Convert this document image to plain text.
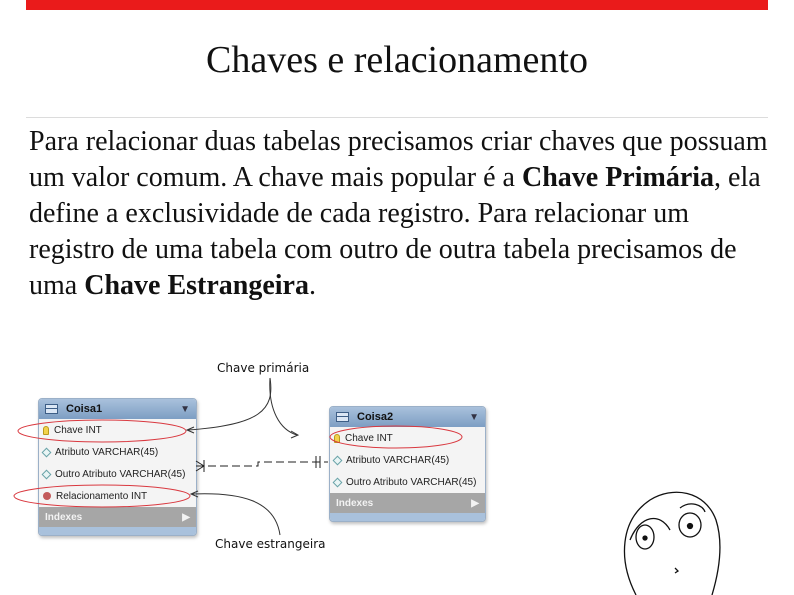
Chaves e relacionamento
Para relacionar duas tabelas precisamos criar chaves que possuam um valor comum. A chave mais popular é a Chave Primária, ela define a exclusividade de cada registro. Para relacionar um registro de uma tabela com outro de outra tabela precisamos de uma Chave Estrangeira.
Coisa1	▼
Chave INT
Atributo VARCHAR(45)
Outro Atributo VARCHAR(45)
Relacionamento INT
Indexes	▶
Coisa2	▼
Chave INT
Atributo VARCHAR(45)
Outro Atributo VARCHAR(45)
Indexes	▶
Chave primária
Chave estrangeira
